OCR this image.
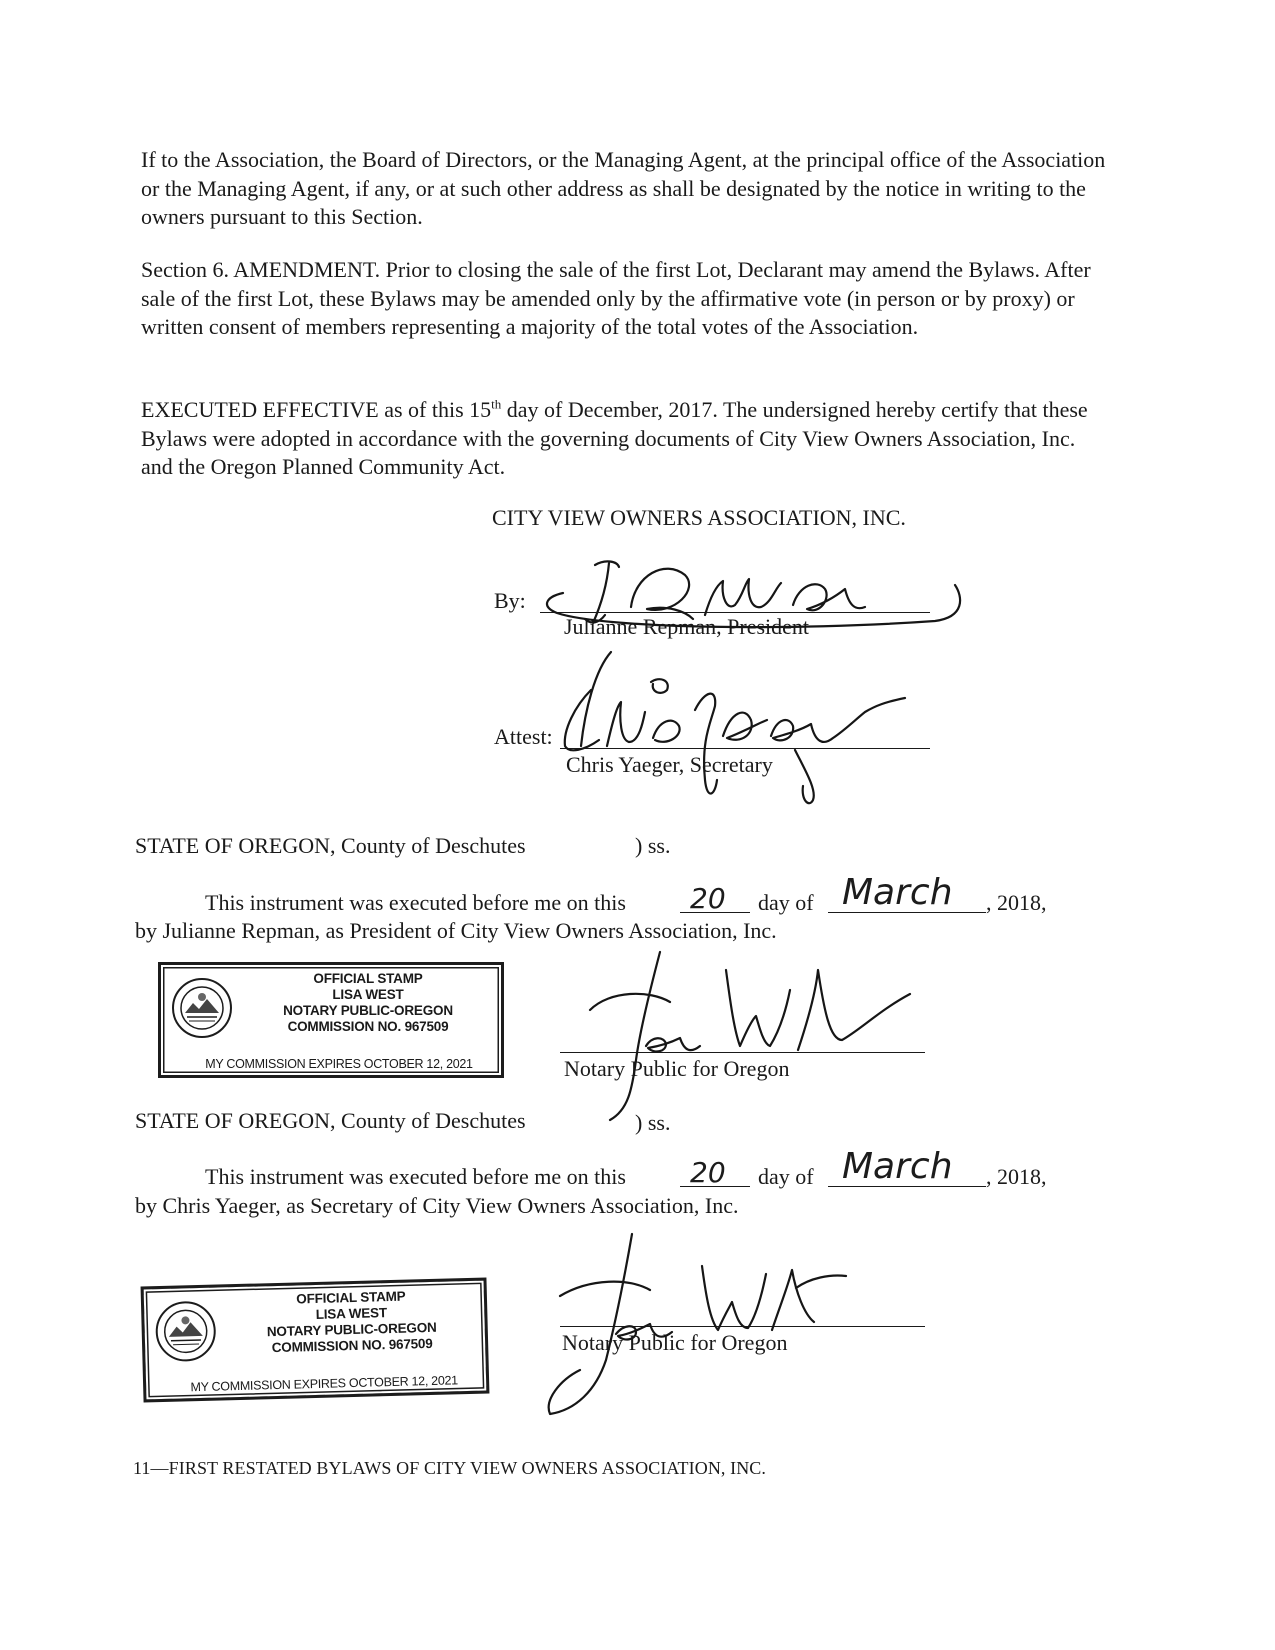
If to the Association, the Board of Directors, or the Managing Agent, at the principal office of the Association or the Managing Agent, if any, or at such other address as shall be designated by the notice in writing to the owners pursuant to this Section.

Section 6. AMENDMENT. Prior to closing the sale of the first Lot, Declarant may amend the Bylaws. After sale of the first Lot, these Bylaws may be amended only by the affirmative vote (in person or by proxy) or written consent of members representing a majority of the total votes of the Association.

EXECUTED EFFECTIVE as of this 15th day of December, 2017. The undersigned hereby certify that these Bylaws were adopted in accordance with the governing documents of City View Owners Association, Inc. and the Oregon Planned Community Act.

CITY VIEW OWNERS ASSOCIATION, INC.
By:
Julianne Repman, President
Attest:
Chris Yaeger, Secretary
STATE OF OREGON, County of Deschutes	) ss.
This instrument was executed before me on this 20 day of March , 2018,
by Julianne Repman, as President of City View Owners Association, Inc.
OFFICIAL STAMP
LISA WEST
NOTARY PUBLIC-OREGON
COMMISSION NO. 967509
MY COMMISSION EXPIRES OCTOBER 12, 2021	Notary Public for Oregon
STATE OF OREGON, County of Deschutes	) ss.
This instrument was executed before me on this 20 day of March , 2018,
by Chris Yaeger, as Secretary of City View Owners Association, Inc.
OFFICIAL STAMP
LISA WEST
NOTARY PUBLIC-OREGON
COMMISSION NO. 967509
MY COMMISSION EXPIRES OCTOBER 12, 2021
Notary Public for Oregon
11—FIRST RESTATED BYLAWS OF CITY VIEW OWNERS ASSOCIATION, INC.
